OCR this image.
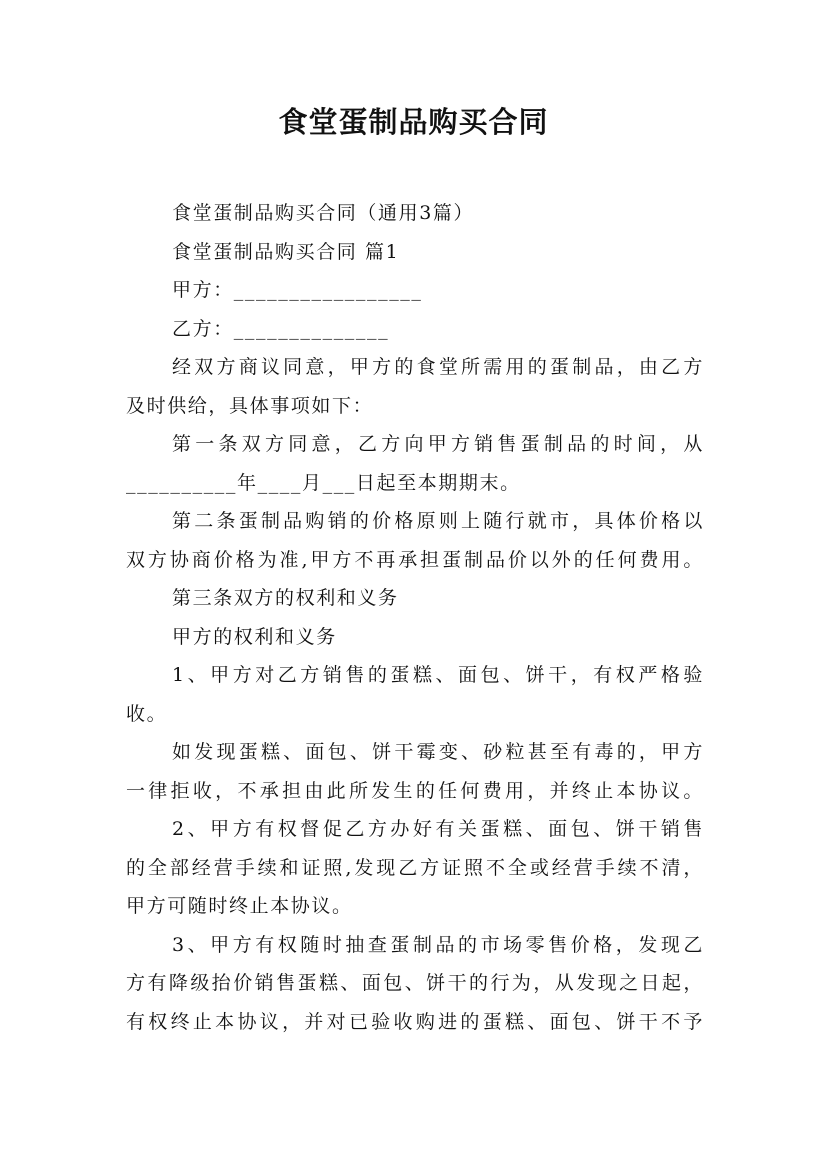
食堂蛋制品购买合同
食堂蛋制品购买合同（通用3篇）
食堂蛋制品购买合同 篇1
甲方：_________________
乙方：______________
经双方商议同意，甲方的食堂所需用的蛋制品，由乙方
及时供给，具体事项如下：
第一条双方同意，乙方向甲方销售蛋制品的时间，从
__________年____月___日起至本期期末。
第二条蛋制品购销的价格原则上随行就市，具体价格以
双方协商价格为准,甲方不再承担蛋制品价以外的任何费用。
第三条双方的权利和义务
甲方的权利和义务
1、甲方对乙方销售的蛋糕、面包、饼干，有权严格验
收。
如发现蛋糕、面包、饼干霉变、砂粒甚至有毒的，甲方
一律拒收，不承担由此所发生的任何费用，并终止本协议。
2、甲方有权督促乙方办好有关蛋糕、面包、饼干销售
的全部经营手续和证照,发现乙方证照不全或经营手续不清，
甲方可随时终止本协议。
3、甲方有权随时抽查蛋制品的市场零售价格，发现乙
方有降级抬价销售蛋糕、面包、饼干的行为，从发现之日起，
有权终止本协议，并对已验收购进的蛋糕、面包、饼干不予
